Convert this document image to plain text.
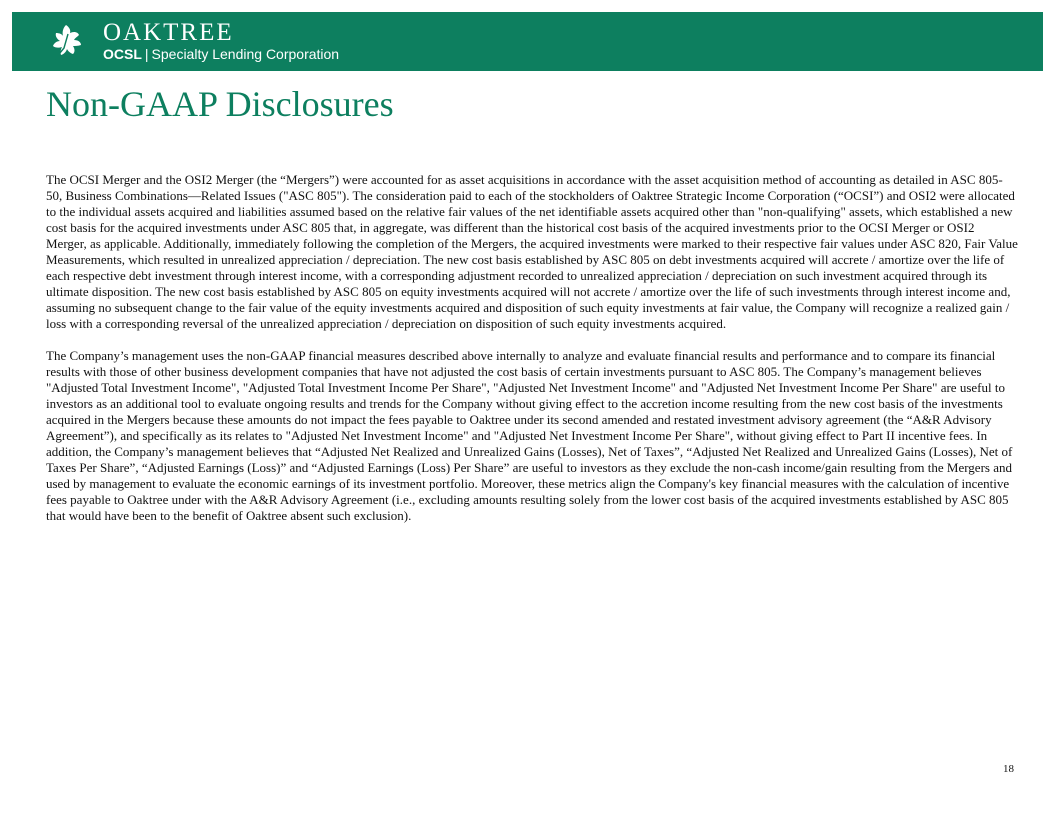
OAKTREE
OCSL | Specialty Lending Corporation
Non-GAAP Disclosures

The OCSI Merger and the OSI2 Merger (the “Mergers”) were accounted for as asset acquisitions in accordance with the asset acquisition method of accounting as detailed in ASC 805-50, Business Combinations—Related Issues ("ASC 805"). The consideration paid to each of the stockholders of Oaktree Strategic Income Corporation (“OCSI”) and OSI2 were allocated to the individual assets acquired and liabilities assumed based on the relative fair values of the net identifiable assets acquired other than "non-qualifying" assets, which established a new cost basis for the acquired investments under ASC 805 that, in aggregate, was different than the historical cost basis of the acquired investments prior to the OCSI Merger or OSI2 Merger, as applicable. Additionally, immediately following the completion of the Mergers, the acquired investments were marked to their respective fair values under ASC 820, Fair Value Measurements, which resulted in unrealized appreciation / depreciation. The new cost basis established by ASC 805 on debt investments acquired will accrete / amortize over the life of each respective debt investment through interest income, with a corresponding adjustment recorded to unrealized appreciation / depreciation on such investment acquired through its ultimate disposition. The new cost basis established by ASC 805 on equity investments acquired will not accrete / amortize over the life of such investments through interest income and, assuming no subsequent change to the fair value of the equity investments acquired and disposition of such equity investments at fair value, the Company will recognize a realized gain / loss with a corresponding reversal of the unrealized appreciation / depreciation on disposition of such equity investments acquired.

The Company’s management uses the non-GAAP financial measures described above internally to analyze and evaluate financial results and performance and to compare its financial results with those of other business development companies that have not adjusted the cost basis of certain investments pursuant to ASC 805. The Company’s management believes "Adjusted Total Investment Income", "Adjusted Total Investment Income Per Share", "Adjusted Net Investment Income" and "Adjusted Net Investment Income Per Share" are useful to investors as an additional tool to evaluate ongoing results and trends for the Company without giving effect to the accretion income resulting from the new cost basis of the investments acquired in the Mergers because these amounts do not impact the fees payable to Oaktree under its second amended and restated investment advisory agreement (the “A&R Advisory Agreement”), and specifically as its relates to "Adjusted Net Investment Income" and "Adjusted Net Investment Income Per Share", without giving effect to Part II incentive fees. In addition, the Company’s management believes that “Adjusted Net Realized and Unrealized Gains (Losses), Net of Taxes”, “Adjusted Net Realized and Unrealized Gains (Losses), Net of Taxes Per Share”, “Adjusted Earnings (Loss)” and “Adjusted Earnings (Loss) Per Share” are useful to investors as they exclude the non-cash income/gain resulting from the Mergers and used by management to evaluate the economic earnings of its investment portfolio. Moreover, these metrics align the Company's key financial measures with the calculation of incentive fees payable to Oaktree under with the A&R Advisory Agreement (i.e., excluding amounts resulting solely from the lower cost basis of the acquired investments established by ASC 805 that would have been to the benefit of Oaktree absent such exclusion).

18
